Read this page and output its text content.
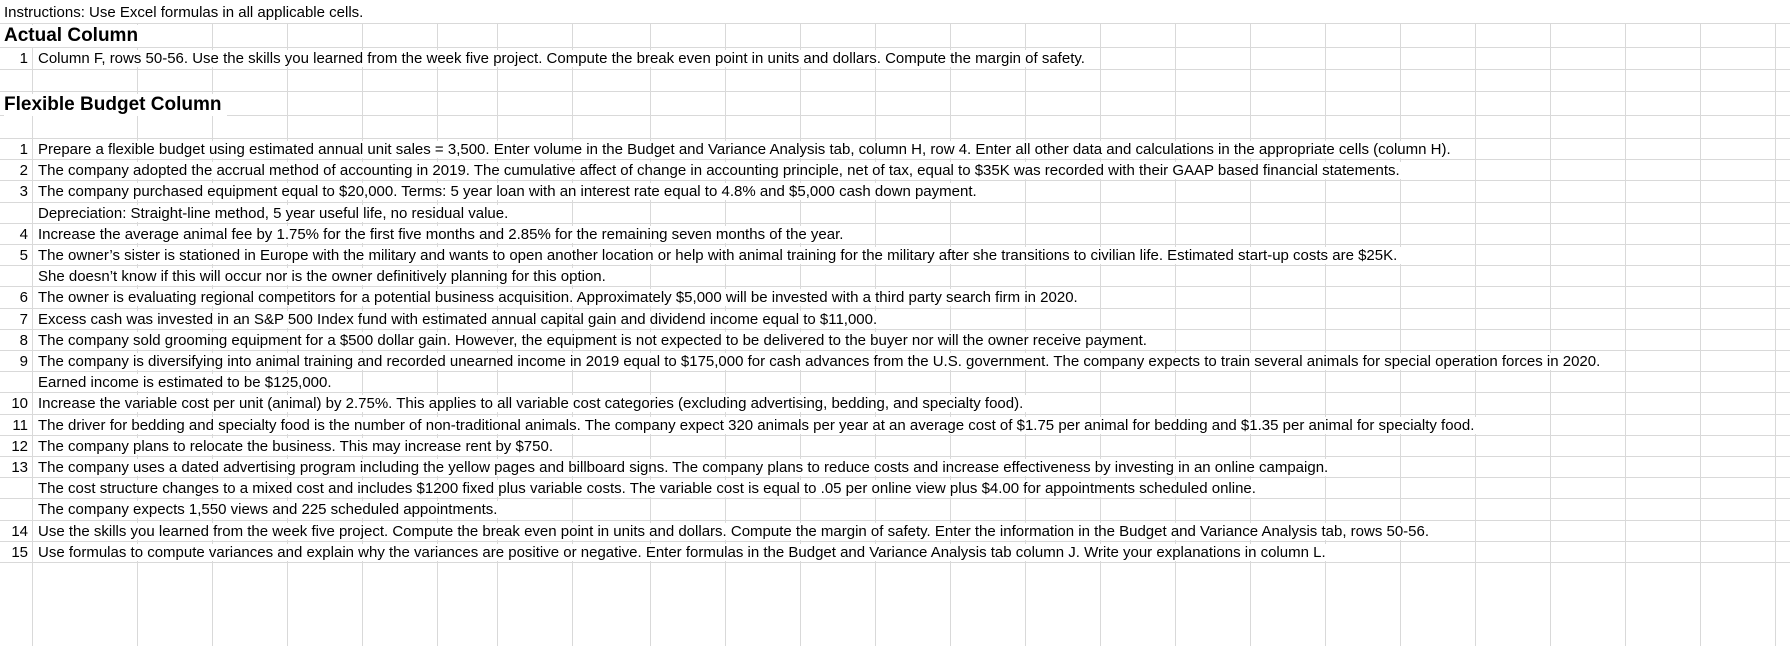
Instructions: Use Excel formulas in all applicable cells.
Actual Column
1 Column F, rows 50-56. Use the skills you learned from the week five project. Compute the break even point in units and dollars. Compute the margin of safety.
Flexible Budget Column
1 Prepare a flexible budget using estimated annual unit sales = 3,500. Enter volume in the Budget and Variance Analysis tab, column H, row 4. Enter all other data and calculations in the appropriate cells (column H).
2 The company adopted the accrual method of accounting in 2019. The cumulative affect of change in accounting principle, net of tax, equal to $35K was recorded with their GAAP based financial statements.
3 The company purchased equipment equal to $20,000. Terms: 5 year loan with an interest rate equal to 4.8% and $5,000 cash down payment.
Depreciation: Straight-line method, 5 year useful life, no residual value.
4 Increase the average animal fee by 1.75% for the first five months and 2.85% for the remaining seven months of the year.
5 The owner’s sister is stationed in Europe with the military and wants to open another location or help with animal training for the military after she transitions to civilian life. Estimated start-up costs are $25K.
She doesn’t know if this will occur nor is the owner definitively planning for this option.
6 The owner is evaluating regional competitors for a potential business acquisition. Approximately $5,000 will be invested with a third party search firm in 2020.
7 Excess cash was invested in an S&P 500 Index fund with estimated annual capital gain and dividend income equal to $11,000.
8 The company sold grooming equipment for a $500 dollar gain. However, the equipment is not expected to be delivered to the buyer nor will the owner receive payment.
9 The company is diversifying into animal training and recorded unearned income in 2019 equal to $175,000 for cash advances from the U.S. government. The company expects to train several animals for special operation forces in 2020.
Earned income is estimated to be $125,000.
10 Increase the variable cost per unit (animal) by 2.75%. This applies to all variable cost categories (excluding advertising, bedding, and specialty food).
11 The driver for bedding and specialty food is the number of non-traditional animals. The company expect 320 animals per year at an average cost of $1.75 per animal for bedding and $1.35 per animal for specialty food.
12 The company plans to relocate the business. This may increase rent by $750.
13 The company uses a dated advertising program including the yellow pages and billboard signs. The company plans to reduce costs and increase effectiveness by investing in an online campaign.
The cost structure changes to a mixed cost and includes $1200 fixed plus variable costs. The variable cost is equal to .05 per online view plus $4.00 for appointments scheduled online.
The company expects 1,550 views and 225 scheduled appointments.
14 Use the skills you learned from the week five project. Compute the break even point in units and dollars. Compute the margin of safety. Enter the information in the Budget and Variance Analysis tab, rows 50-56.
15 Use formulas to compute variances and explain why the variances are positive or negative. Enter formulas in the Budget and Variance Analysis tab column J. Write your explanations in column L.
